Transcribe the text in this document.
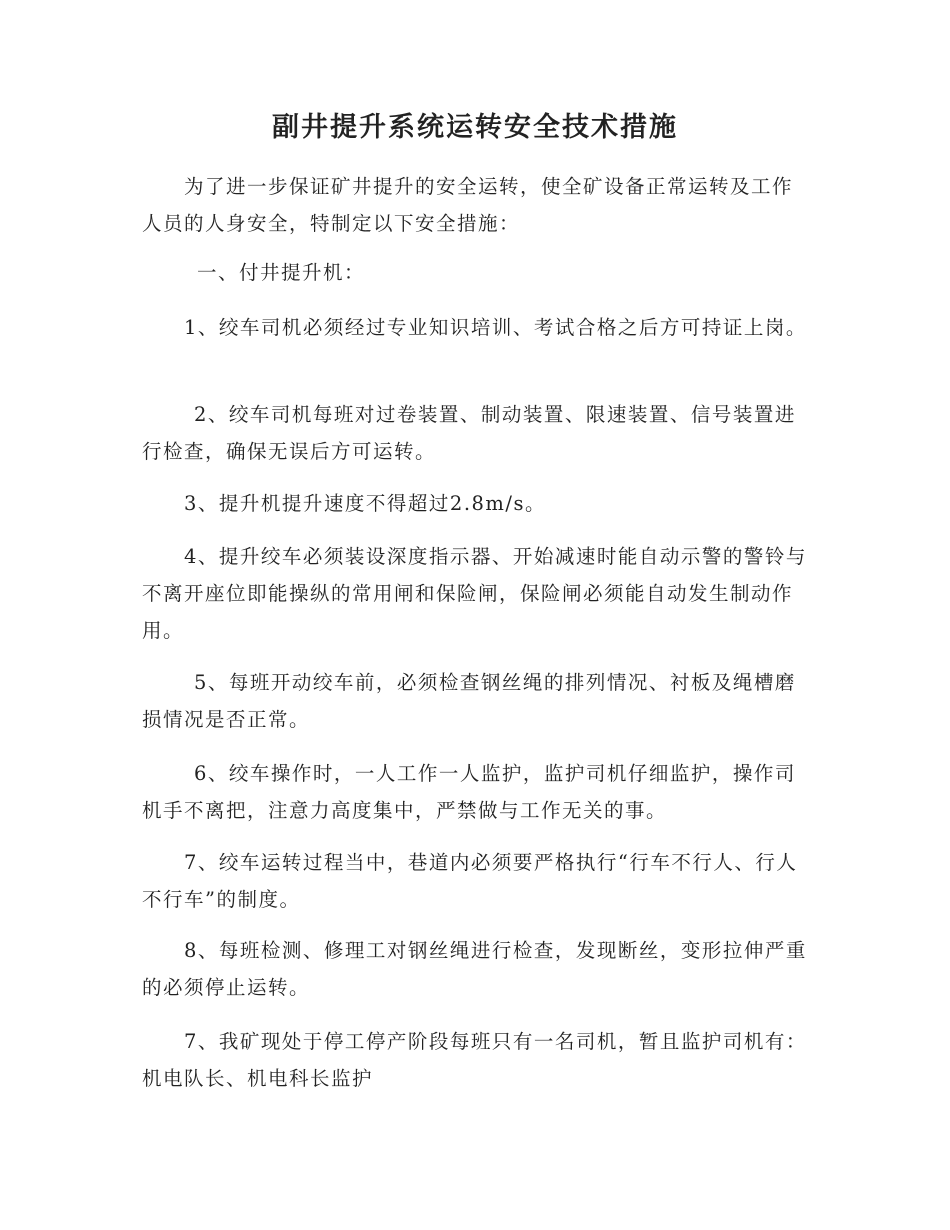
副井提升系统运转安全技术措施
为了进一步保证矿井提升的安全运转，使全矿设备正常运转及工作人员的人身安全，特制定以下安全措施：
一、付井提升机：
1、绞车司机必须经过专业知识培训、考试合格之后方可持证上岗。
2、绞车司机每班对过卷装置、制动装置、限速装置、信号装置进行检查，确保无误后方可运转。
3、提升机提升速度不得超过2.8m/s。
4、提升绞车必须装设深度指示器、开始减速时能自动示警的警铃与不离开座位即能操纵的常用闸和保险闸，保险闸必须能自动发生制动作用。
5、每班开动绞车前，必须检查钢丝绳的排列情况、衬板及绳槽磨损情况是否正常。
6、绞车操作时，一人工作一人监护，监护司机仔细监护，操作司机手不离把，注意力高度集中，严禁做与工作无关的事。
7、绞车运转过程当中，巷道内必须要严格执行“行车不行人、行人不行车”的制度。
8、每班检测、修理工对钢丝绳进行检查，发现断丝，变形拉伸严重的必须停止运转。
7、我矿现处于停工停产阶段每班只有一名司机，暂且监护司机有：机电队长、机电科长监护
